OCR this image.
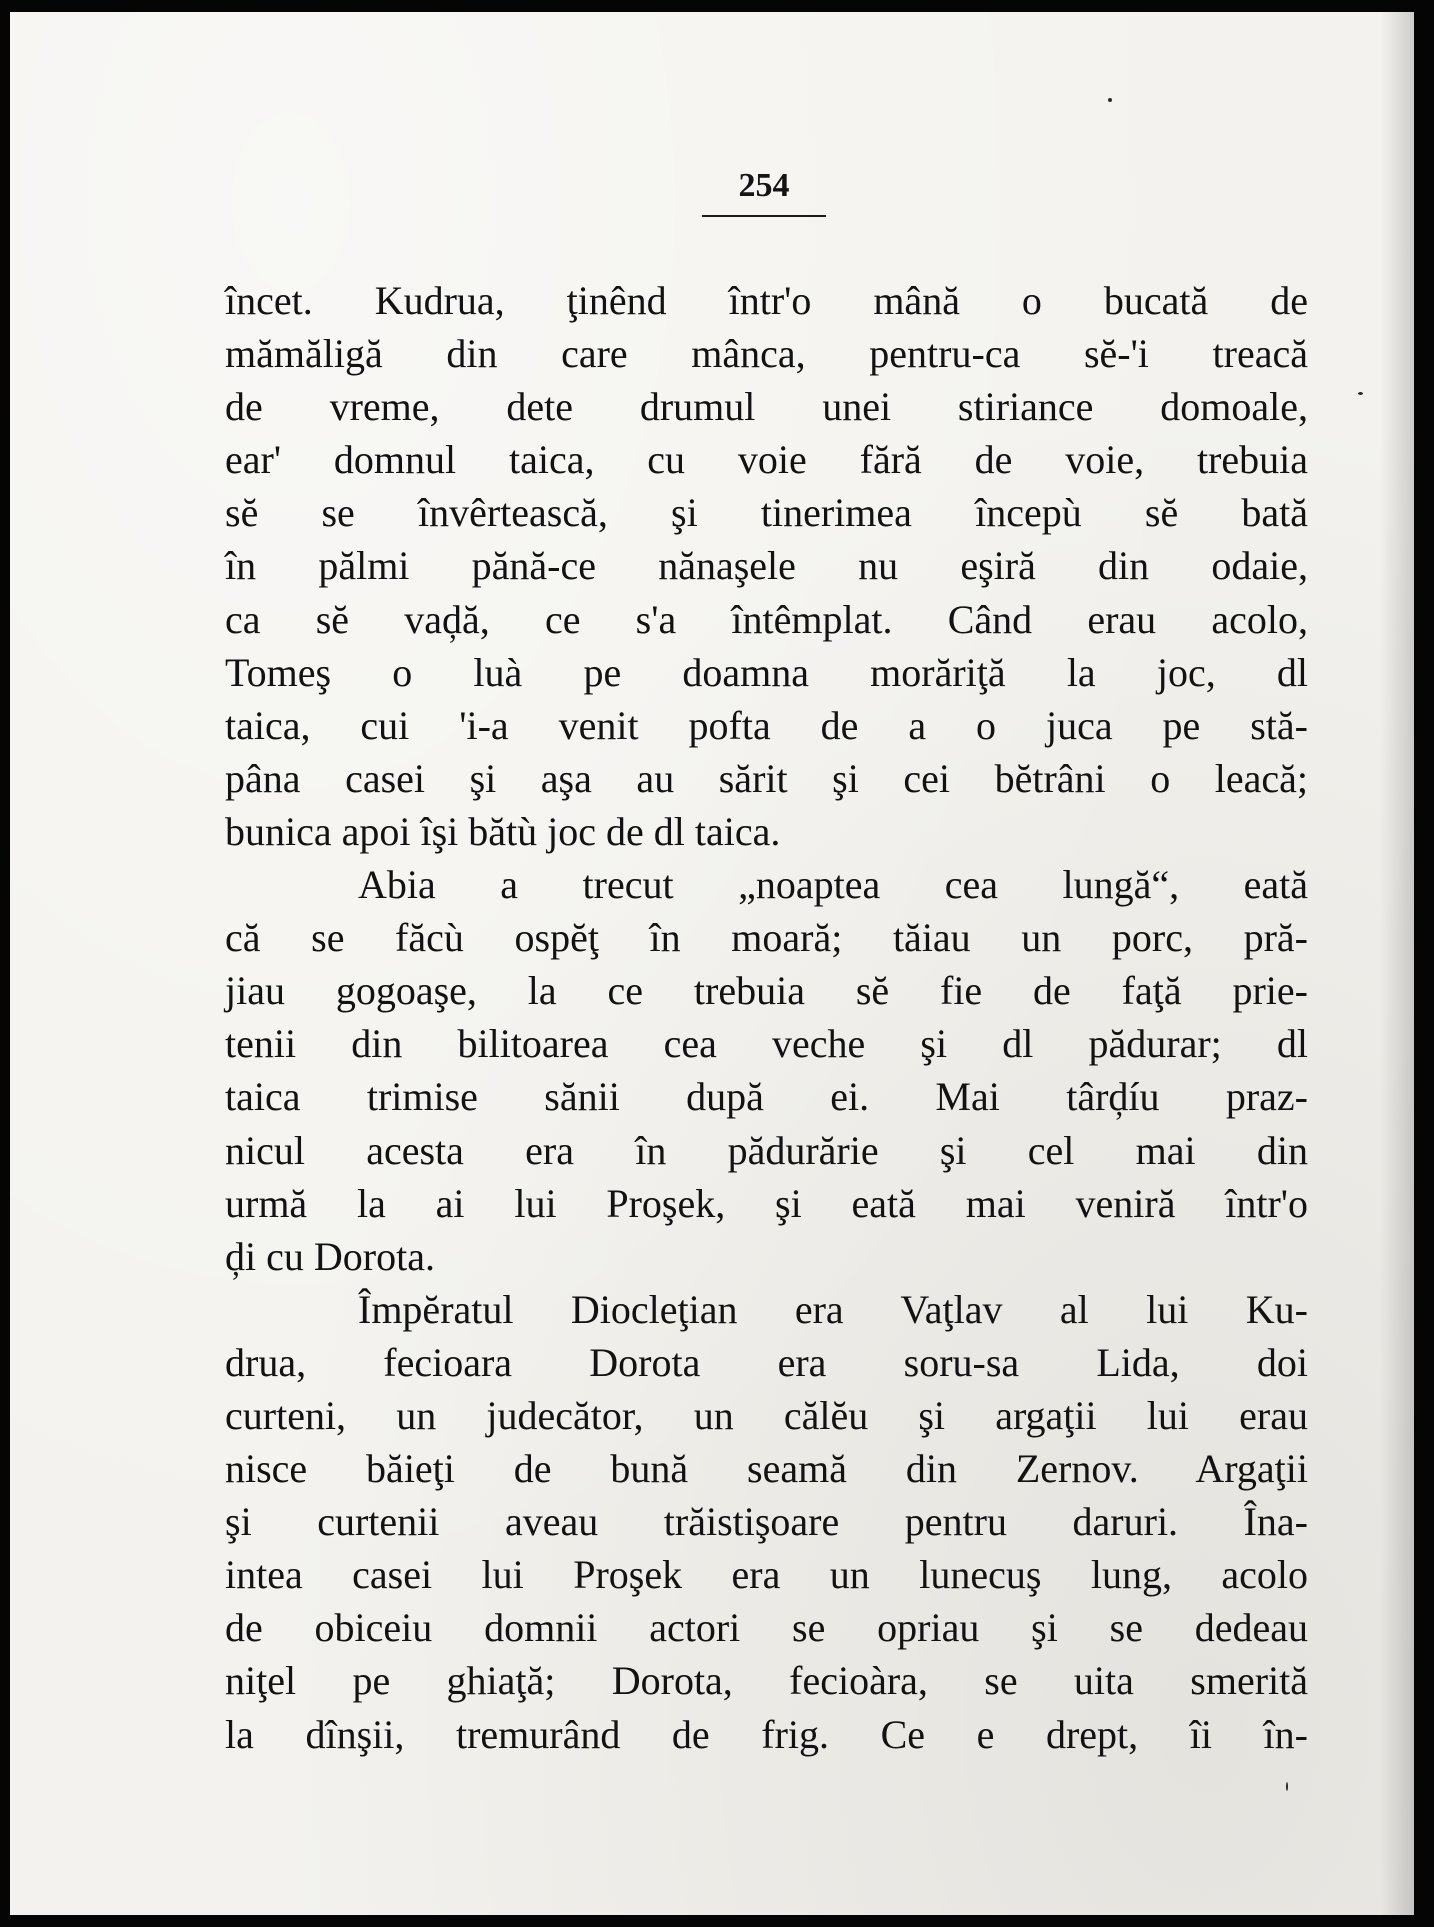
254
încet. Kudrua, ţinênd într'o mână o bucată de
mămăligă din care mânca, pentru-ca sĕ-'i treacă
de vreme, dete drumul unei stiriance domoale,
ear' domnul taica, cu voie fără de voie, trebuia
sĕ se învêrtească, şi tinerimea începù sĕ bată
în pălmi pănă-ce nănaşele nu eşiră din odaie,
ca sĕ vaḑă, ce s'a întêmplat. Când erau acolo,
Tomeş o luà pe doamna morăriţă la joc, dl
taica, cui 'i-a venit pofta de a o juca pe stă-
pâna casei şi aşa au sărit şi cei bĕtrâni o leacă;
bunica apoi îşi bătù joc de dl taica.
Abia a trecut „noaptea cea lungă“, eată
că se făcù ospĕţ în moară; tăiau un porc, pră-
jiau gogoaşe, la ce trebuia sĕ fie de faţă prie-
tenii din bilitoarea cea veche şi dl pădurar; dl
taica trimise sănii după ei. Mai târḑíu praz-
nicul acesta era în pădurărie şi cel mai din
urmă la ai lui Proşek, şi eată mai veniră într'o
ḑi cu Dorota.
Împĕratul Diocleţian era Vaţlav al lui Ku-
drua, fecioara Dorota era soru-sa Lida, doi
curteni, un judecător, un călĕu şi argaţii lui erau
nisce băieţi de bună seamă din Zernov. Argaţii
şi curtenii aveau trăistişoare pentru daruri. Îna-
intea casei lui Proşek era un lunecuş lung, acolo
de obiceiu domnii actori se opriau şi se dedeau
niţel pe ghiaţă; Dorota, fecioàra, se uita smerită
la dînşii, tremurând de frig. Ce e drept, îi în-
